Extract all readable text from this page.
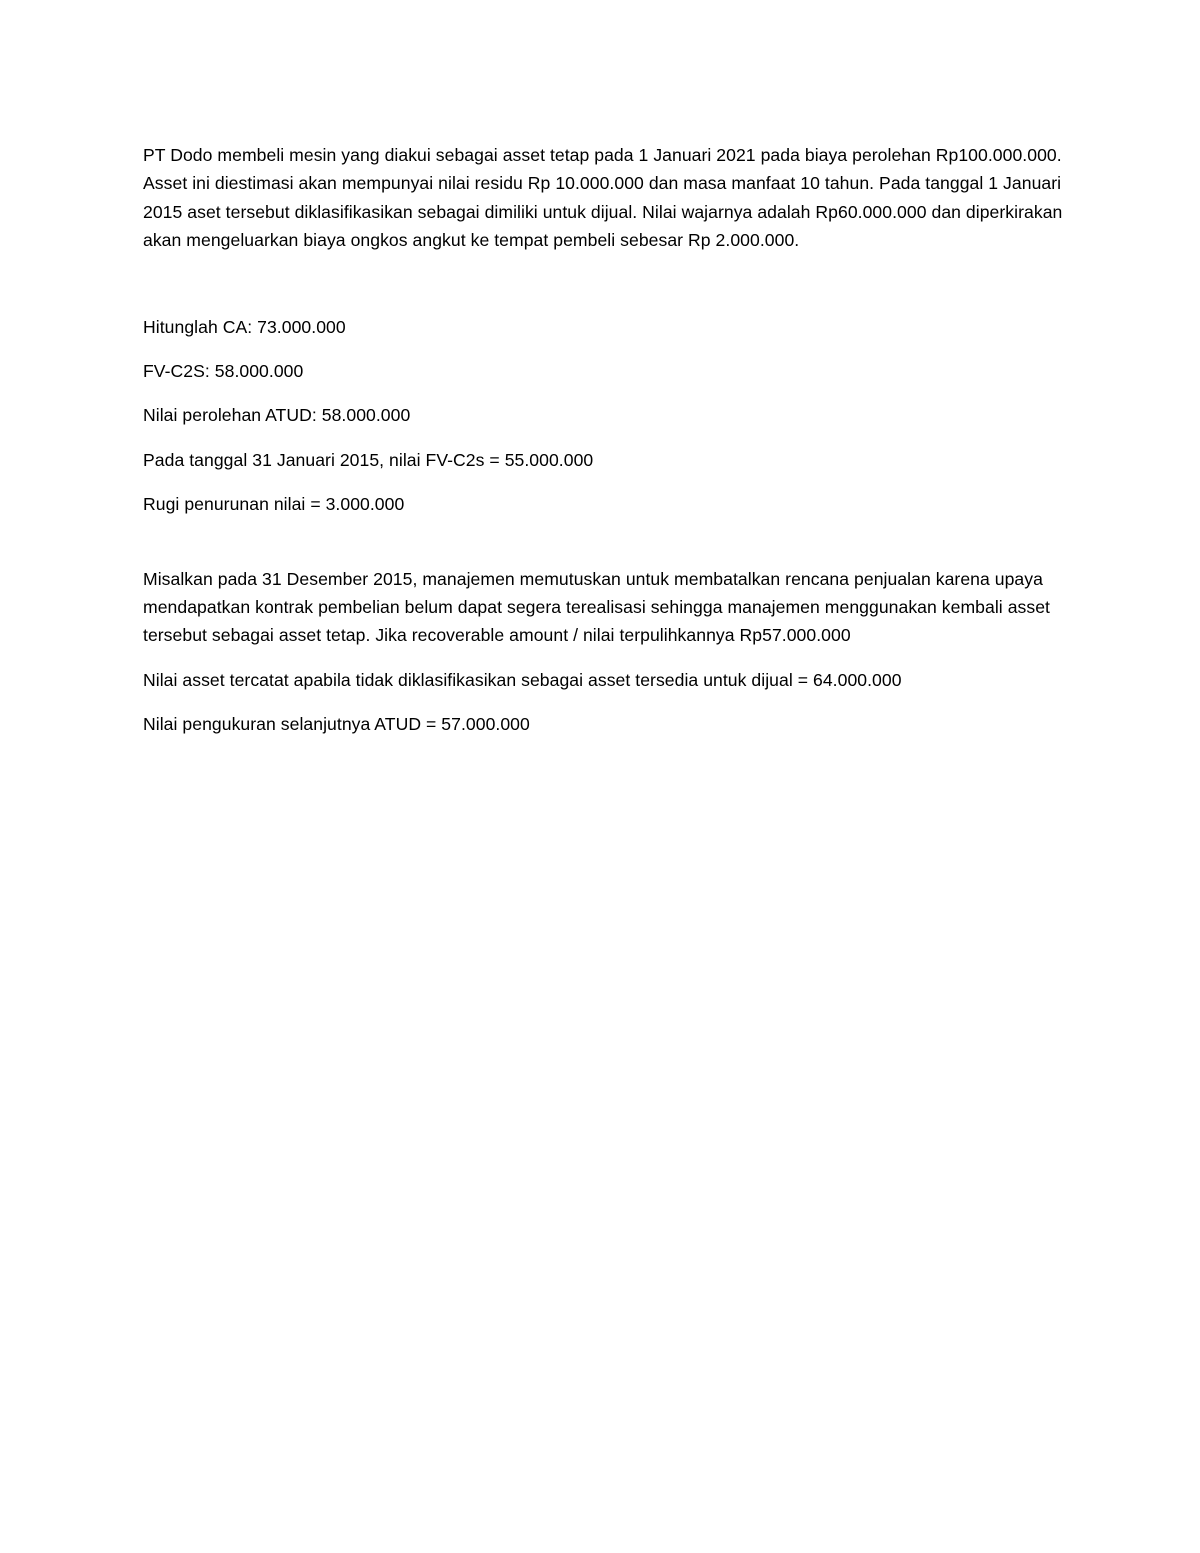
PT Dodo membeli mesin yang diakui sebagai asset tetap pada 1 Januari 2021 pada biaya perolehan Rp100.000.000. Asset ini diestimasi akan mempunyai nilai residu Rp 10.000.000 dan masa manfaat 10 tahun. Pada tanggal 1 Januari 2015 aset tersebut diklasifikasikan sebagai dimiliki untuk dijual. Nilai wajarnya adalah Rp60.000.000 dan diperkirakan akan mengeluarkan biaya ongkos angkut ke tempat pembeli sebesar Rp 2.000.000.

Hitunglah CA: 73.000.000

FV-C2S: 58.000.000

Nilai perolehan ATUD: 58.000.000

Pada tanggal 31 Januari 2015, nilai FV-C2s = 55.000.000

Rugi penurunan nilai = 3.000.000

Misalkan pada 31 Desember 2015, manajemen memutuskan untuk membatalkan rencana penjualan karena upaya mendapatkan kontrak pembelian belum dapat segera terealisasi sehingga manajemen menggunakan kembali asset tersebut sebagai asset tetap. Jika recoverable amount / nilai terpulihkannya Rp57.000.000

Nilai asset tercatat apabila tidak diklasifikasikan sebagai asset tersedia untuk dijual = 64.000.000

Nilai pengukuran selanjutnya ATUD = 57.000.000
